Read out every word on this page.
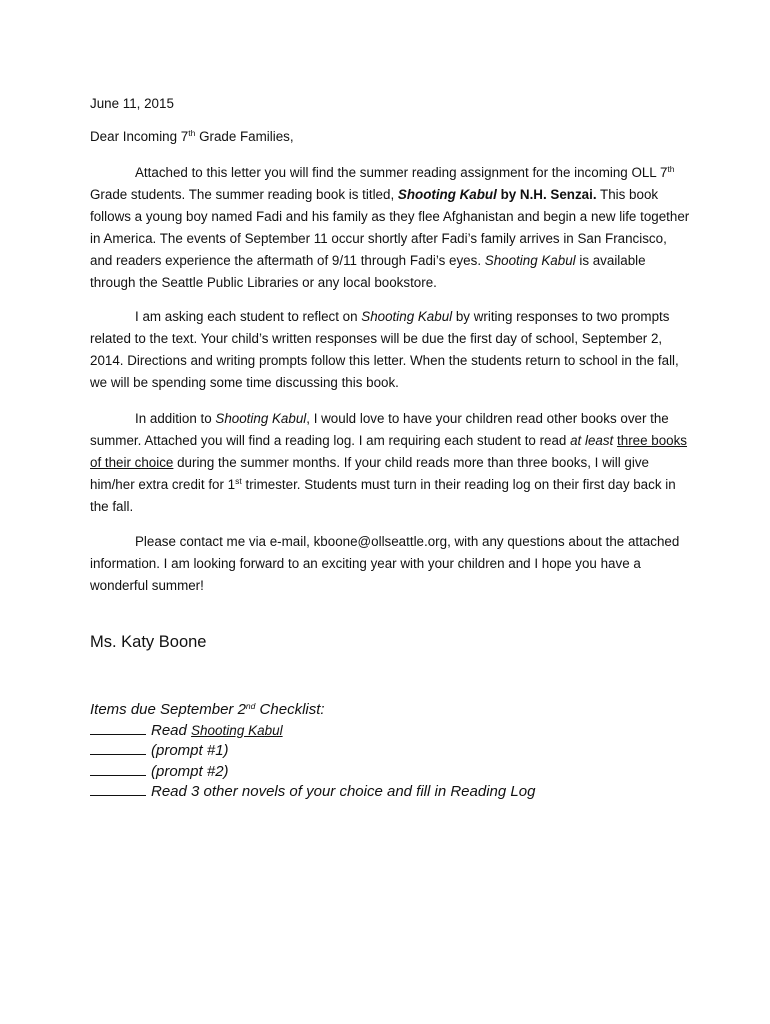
June 11, 2015

Dear Incoming 7th Grade Families,

Attached to this letter you will find the summer reading assignment for the incoming OLL 7th Grade students. The summer reading book is titled, Shooting Kabul by N.H. Senzai. This book follows a young boy named Fadi and his family as they flee Afghanistan and begin a new life together in America. The events of September 11 occur shortly after Fadi’s family arrives in San Francisco, and readers experience the aftermath of 9/11 through Fadi’s eyes. Shooting Kabul is available through the Seattle Public Libraries or any local bookstore.

I am asking each student to reflect on Shooting Kabul by writing responses to two prompts related to the text. Your child’s written responses will be due the first day of school, September 2, 2014. Directions and writing prompts follow this letter. When the students return to school in the fall, we will be spending some time discussing this book.

In addition to Shooting Kabul, I would love to have your children read other books over the summer. Attached you will find a reading log. I am requiring each student to read at least three books of their choice during the summer months. If your child reads more than three books, I will give him/her extra credit for 1st trimester. Students must turn in their reading log on their first day back in the fall.

Please contact me via e-mail, kboone@ollseattle.org, with any questions about the attached information. I am looking forward to an exciting year with your children and I hope you have a wonderful summer!

Ms. Katy Boone

Items due September 2nd Checklist:
Read Shooting Kabul
(prompt #1)
(prompt #2)
Read 3 other novels of your choice and fill in Reading Log
